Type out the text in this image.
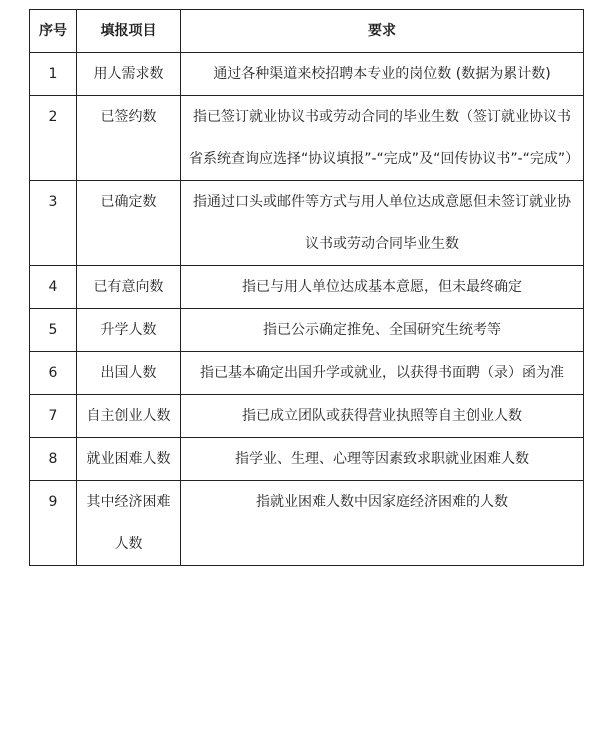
序号	填报项目	要求
1	用人需求数	通过各种渠道来校招聘本专业的岗位数 (数据为累计数)
2	已签约数	指已签订就业协议书或劳动合同的毕业生数（签订就业协议书省系统查询应选择“协议填报”-“完成”及“回传协议书”-“完成”）
3	已确定数	指通过口头或邮件等方式与用人单位达成意愿但未签订就业协议书或劳动合同毕业生数
4	已有意向数	指已与用人单位达成基本意愿，但未最终确定
5	升学人数	指已公示确定推免、全国研究生统考等
6	出国人数	指已基本确定出国升学或就业，以获得书面聘（录）函为准
7	自主创业人数	指已成立团队或获得营业执照等自主创业人数
8	就业困难人数	指学业、生理、心理等因素致求职就业困难人数
9	其中经济困难人数	指就业困难人数中因家庭经济困难的人数
